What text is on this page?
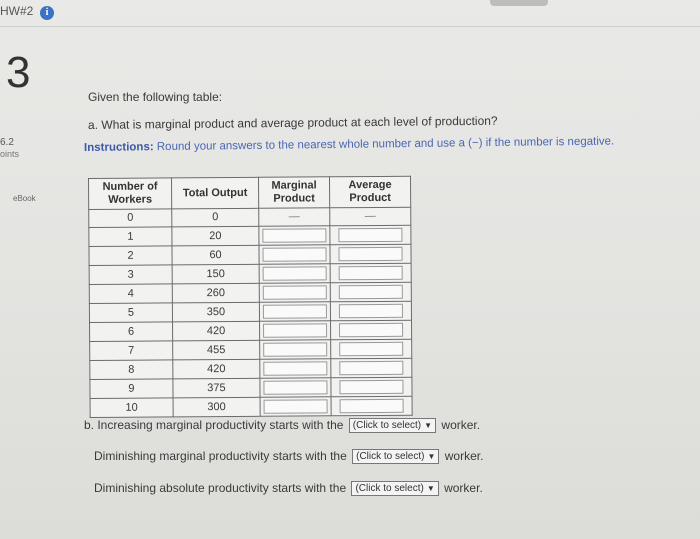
HW#2	i
3
6.2
oints
eBook
Given the following table:
a. What is marginal product and average product at each level of production?
Instructions: Round your answers to the nearest whole number and use a (−) if the number is negative.
Number of Workers	Total Output	Marginal Product	Average Product
0	0	—	—
1	20	

2	60	

3	150	

4	260	

5	350	

6	420	

7	455	

8	420	

9	375	

10	300	

b. Increasing marginal productivity starts with the (Click to select) ▼ worker.
Diminishing marginal productivity starts with the (Click to select) ▼ worker.
Diminishing absolute productivity starts with the (Click to select) ▼ worker.
